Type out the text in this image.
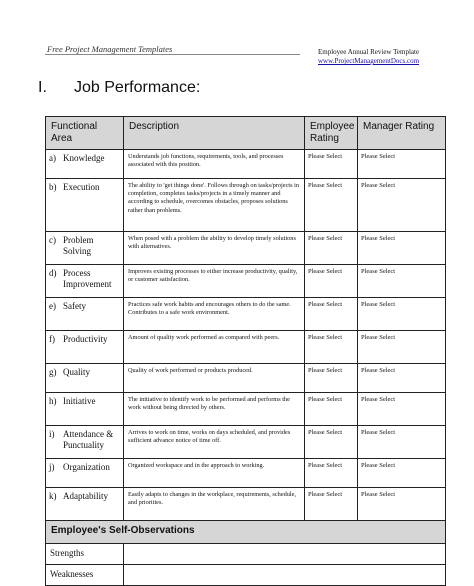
Free Project Management Templates	Employee Annual Review Template
www.ProjectManagementDocs.com
I. Job Performance:
Functional Area	Description	Employee Rating	Manager Rating
a) Knowledge	Understands job functions, requirements, tools, and processes associated with this position.	Please Select	Please Select
b) Execution	The ability to 'get things done'. Follows through on tasks/projects in completion, completes tasks/projects in a timely manner and according to schedule, overcomes obstacles, proposes solutions rather than problems.	Please Select	Please Select
c) Problem Solving	When posed with a problem the ability to develop timely solutions with alternatives.	Please Select	Please Select
d) Process Improvement	Improves existing processes to either increase productivity, quality, or customer satisfaction.	Please Select	Please Select
e) Safety	Practices safe work habits and encourages others to do the same. Contributes to a safe work environment.	Please Select	Please Select
f) Productivity	Amount of quality work performed as compared with peers.	Please Select	Please Select
g) Quality	Quality of work performed or products produced.	Please Select	Please Select
h) Initiative	The initiative to identify work to be performed and performs the work without being directed by others.	Please Select	Please Select
i) Attendance & Punctuality	Arrives to work on time, works on days scheduled, and provides sufficient advance notice of time off.	Please Select	Please Select
j) Organization	Organized workspace and in the approach to working.	Please Select	Please Select
k) Adaptability	Easily adapts to changes in the workplace, requirements, schedule, and priorities.	Please Select	Please Select
Employee's Self-Observations			
Strengths			
Weaknesses			
